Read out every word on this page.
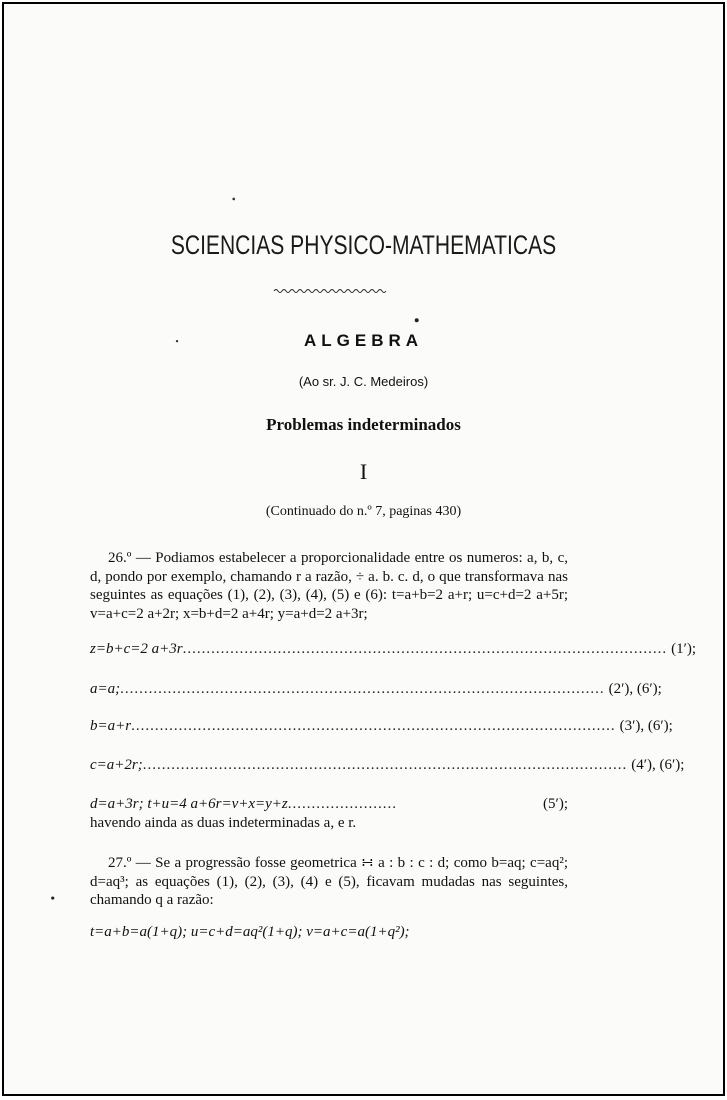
SCIENCIAS PHYSICO-MATHEMATICAS
ALGEBRA
(Ao sr. J. C. Medeiros)
Problemas indeterminados
I
(Continuado do n.º 7, paginas 430)

26.º — Podiamos estabelecer a proporcionalidade entre os numeros: a, b, c, d, pondo por exemplo, chamando r a razão, ÷ a. b. c. d, o que transformava nas seguintes as equações (1), (2), (3), (4), (5) e (6): t=a+b=2 a+r; u=c+d=2 a+5r; v=a+c=2 a+2r; x=b+d=2 a+4r; y=a+d=2 a+3r;

z=b+c=2 a+3r ...................................................................................................... (1′);
a=a; ...................................................................................................... (2′), (6′);
b=a+r ...................................................................................................... (3′), (6′);
c=a+2r; ...................................................................................................... (4′), (6′);
d=a+3r; t+u=4 a+6r=v+x=y+z .......................	(5′);

havendo ainda as duas indeterminadas a, e r.

27.º — Se a progressão fosse geometrica ∺ a : b : c : d; como b=aq; c=aq²; d=aq³; as equações (1), (2), (3), (4) e (5), ficavam mudadas nas seguintes, chamando q a razão:

t=a+b=a(1+q); u=c+d=aq²(1+q); v=a+c=a(1+q²);
